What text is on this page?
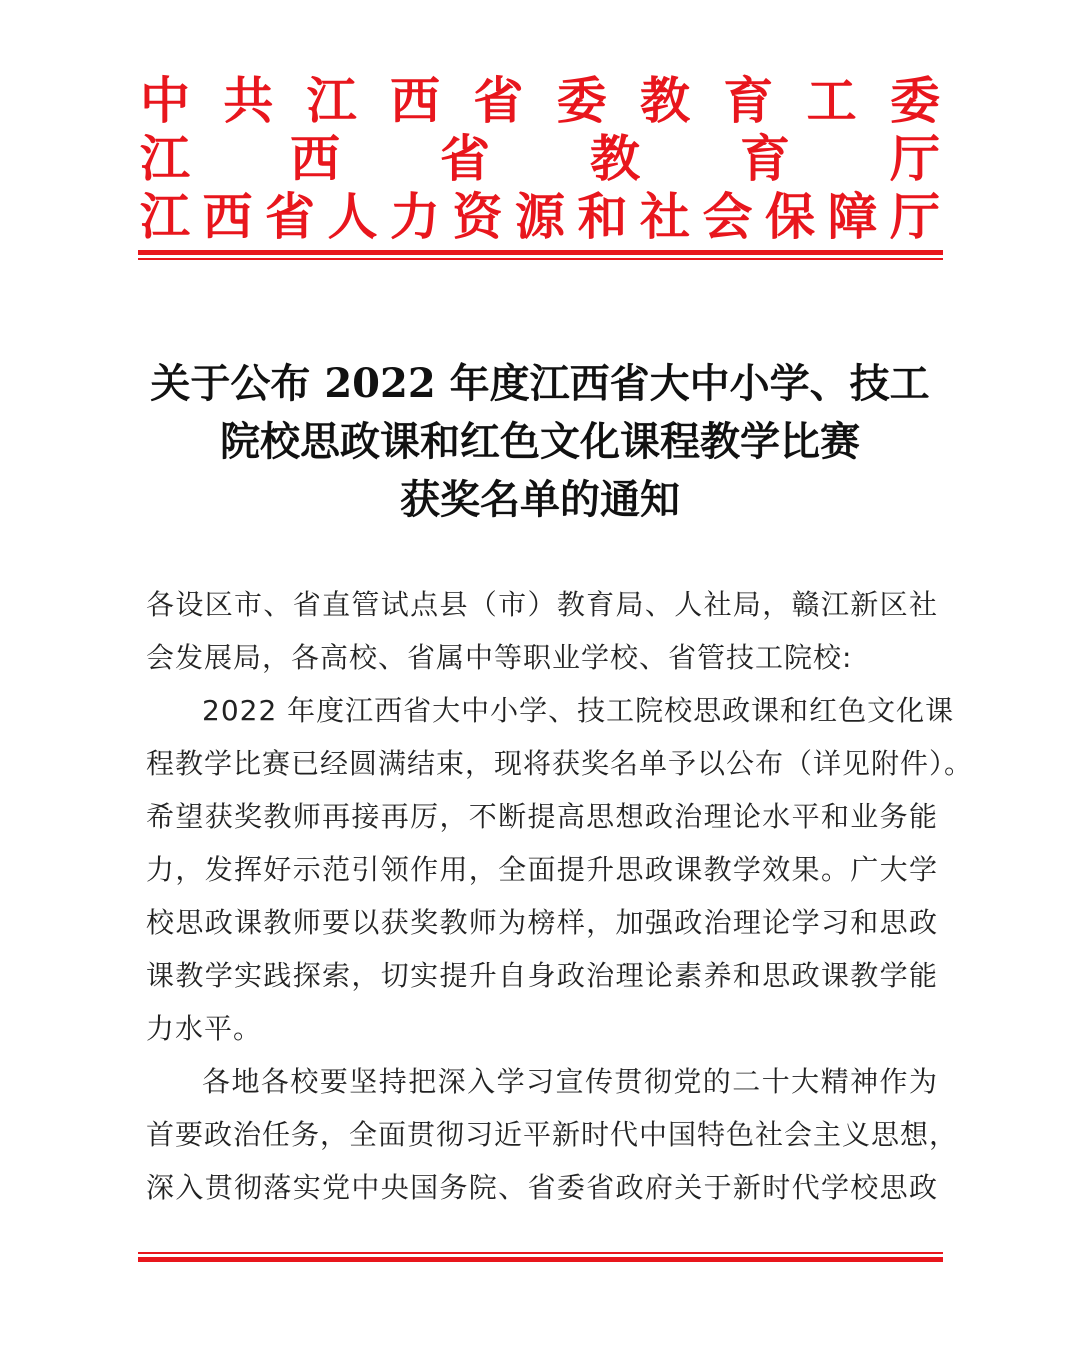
中 共 江 西 省 委 教 育 工 委
江 西 省 教 育 厅
江 西 省 人 力 资 源 和 社 会 保 障 厅
关于公布 2022 年度江西省大中小学、技工
院校思政课和红色文化课程教学比赛
获奖名单的通知
各设区市、省直管试点县（市）教育局、人社局，赣江新区社
会发展局，各高校、省属中等职业学校、省管技工院校:
2022 年度江西省大中小学、技工院校思政课和红色文化课
程教学比赛已经圆满结束，现将获奖名单予以公布（详见附件）。
希望获奖教师再接再厉，不断提高思想政治理论水平和业务能
力，发挥好示范引领作用，全面提升思政课教学效果。广大学
校思政课教师要以获奖教师为榜样，加强政治理论学习和思政
课教学实践探索，切实提升自身政治理论素养和思政课教学能
力水平。
各地各校要坚持把深入学习宣传贯彻党的二十大精神作为
首要政治任务，全面贯彻习近平新时代中国特色社会主义思想，
深入贯彻落实党中央国务院、省委省政府关于新时代学校思政
